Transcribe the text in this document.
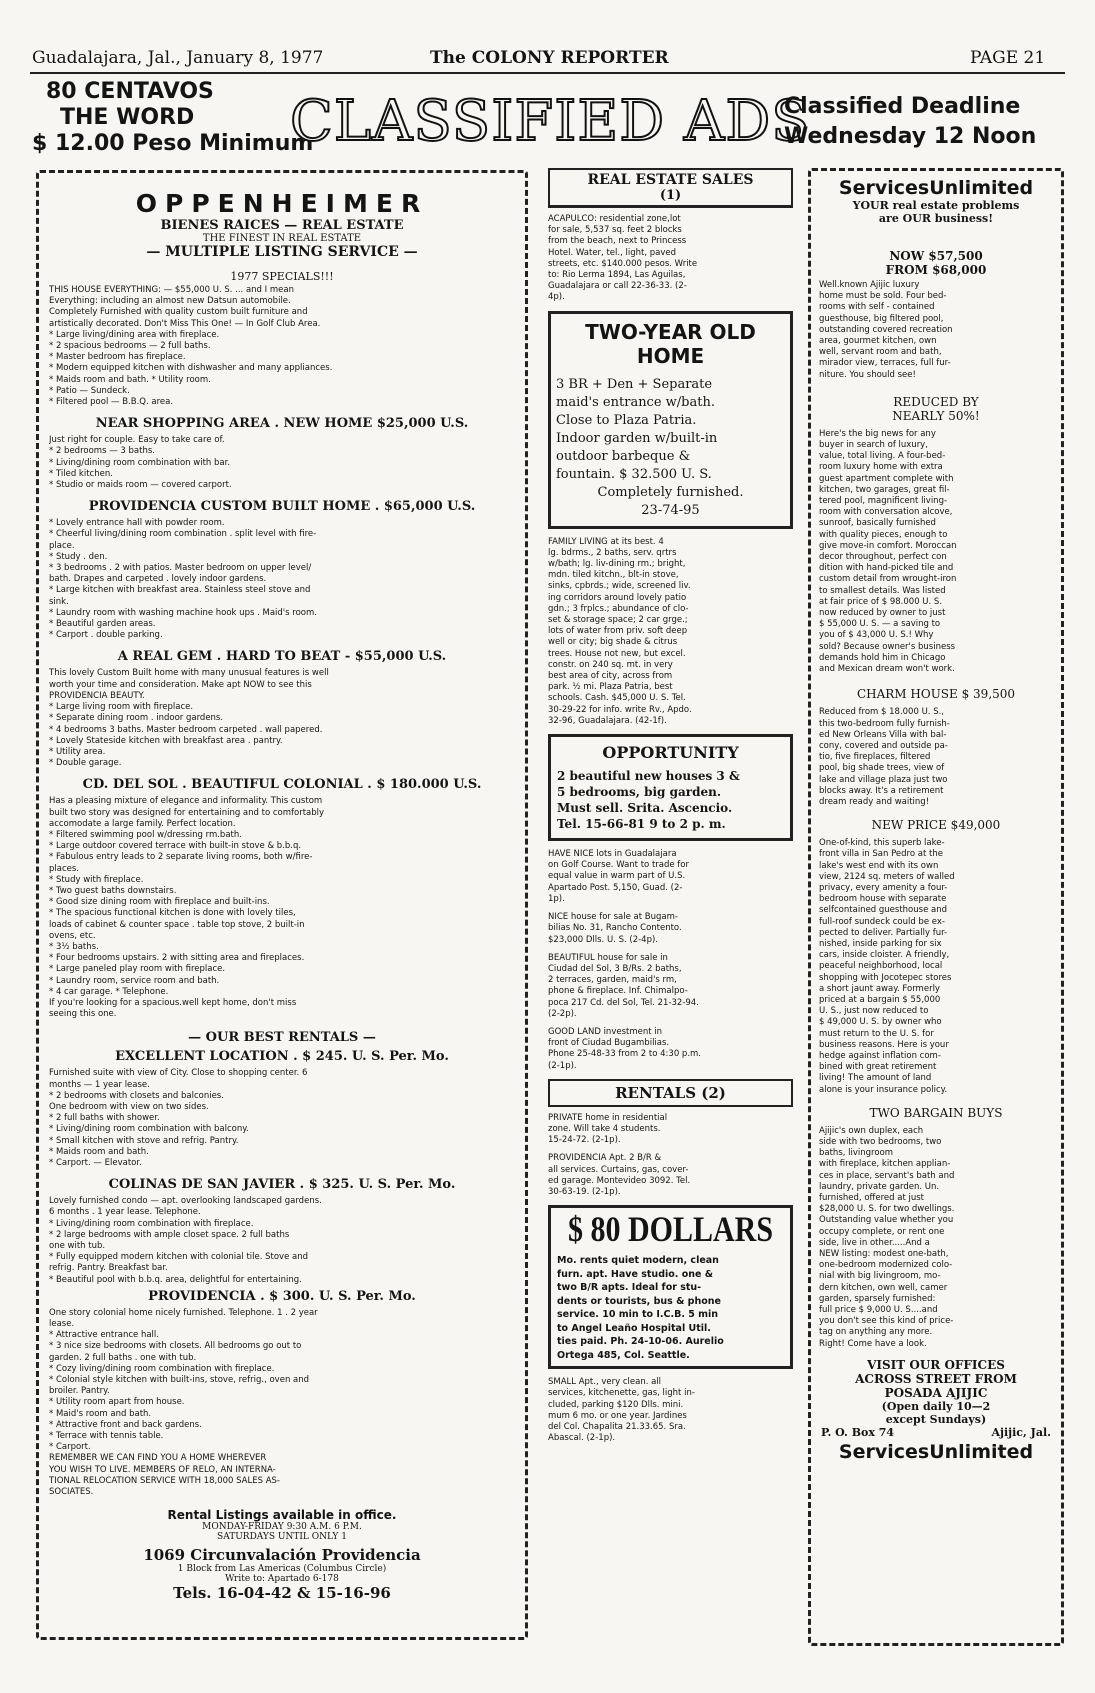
Guadalajara, Jal., January 8, 1977	The COLONY REPORTER	PAGE 21
80 CENTAVOS
THE WORD
$ 12.00 Peso Minimum
CLASSIFIED ADS
Classified Deadline
Wednesday 12 Noon
OPPENHEIMER
BIENES RAICES — REAL ESTATE
THE FINEST IN REAL ESTATE
— MULTIPLE LISTING SERVICE —
1977 SPECIALS!!!
THIS HOUSE EVERYTHING: — $55,000 U. S. ... and I mean
Everything: including an almost new Datsun automobile.
Completely Furnished with quality custom built furniture and
artistically decorated. Don't Miss This One! — In Golf Club Area.
* Large living/dining area with fireplace.
* 2 spacious bedrooms — 2 full baths.
* Master bedroom has fireplace.
* Modern equipped kitchen with dishwasher and many appliances.
* Maids room and bath. * Utility room.
* Patio — Sundeck.
* Filtered pool — B.B.Q. area.
NEAR SHOPPING AREA . NEW HOME $25,000 U.S.
Just right for couple. Easy to take care of.
* 2 bedrooms — 3 baths.
* Living/dining room combination with bar.
* Tiled kitchen.
* Studio or maids room — covered carport.
PROVIDENCIA CUSTOM BUILT HOME . $65,000 U.S.
* Lovely entrance hall with powder room.
* Cheerful living/dining room combination . split level with fire-
place.
* Study . den.
* 3 bedrooms . 2 with patios. Master bedroom on upper level/
bath. Drapes and carpeted . lovely indoor gardens.
* Large kitchen with breakfast area. Stainless steel stove and
sink.
* Laundry room with washing machine hook ups . Maid's room.
* Beautiful garden areas.
* Carport . double parking.
A REAL GEM . HARD TO BEAT - $55,000 U.S.
This lovely Custom Built home with many unusual features is well
worth your time and consideration. Make apt NOW to see this
PROVIDENCIA BEAUTY.
* Large living room with fireplace.
* Separate dining room . indoor gardens.
* 4 bedrooms 3 baths. Master bedroom carpeted . wall papered.
* Lovely Stateside kitchen with breakfast area . pantry.
* Utility area.
* Double garage.
CD. DEL SOL . BEAUTIFUL COLONIAL . $ 180.000 U.S.
Has a pleasing mixture of elegance and informality. This custom
built two story was designed for entertaining and to comfortably
accomodate a large family. Perfect location.
* Filtered swimming pool w/dressing rm.bath.
* Large outdoor covered terrace with built-in stove & b.b.q.
* Fabulous entry leads to 2 separate living rooms, both w/fire-
places.
* Study with fireplace.
* Two guest baths downstairs.
* Good size dining room with fireplace and built-ins.
* The spacious functional kitchen is done with lovely tiles,
loads of cabinet & counter space . table top stove, 2 built-in
ovens, etc.
* 3½ baths.
* Four bedrooms upstairs. 2 with sitting area and fireplaces.
* Large paneled play room with fireplace.
* Laundry room, service room and bath.
* 4 car garage. * Telephone.
If you're looking for a spacious.well kept home, don't miss
seeing this one.
— OUR BEST RENTALS —
EXCELLENT LOCATION . $ 245. U. S. Per. Mo.
Furnished suite with view of City. Close to shopping center. 6
months — 1 year lease.
* 2 bedrooms with closets and balconies.
One bedroom with view on two sides.
* 2 full baths with shower.
* Living/dining room combination with balcony.
* Small kitchen with stove and refrig. Pantry.
* Maids room and bath.
* Carport. — Elevator.
COLINAS DE SAN JAVIER . $ 325. U. S. Per. Mo.
Lovely furnished condo — apt. overlooking landscaped gardens.
6 months . 1 year lease. Telephone.
* Living/dining room combination with fireplace.
* 2 large bedrooms with ample closet space. 2 full baths
one with tub.
* Fully equipped modern kitchen with colonial tile. Stove and
refrig. Pantry. Breakfast bar.
* Beautiful pool with b.b.q. area, delightful for entertaining.
PROVIDENCIA . $ 300. U. S. Per. Mo.
One story colonial home nicely furnished. Telephone. 1 . 2 year
lease.
* Attractive entrance hall.
* 3 nice size bedrooms with closets. All bedrooms go out to
garden. 2 full baths . one with tub.
* Cozy living/dining room combination with fireplace.
* Colonial style kitchen with built-ins, stove, refrig., oven and
broiler. Pantry.
* Utility room apart from house.
* Maid's room and bath.
* Attractive front and back gardens.
* Terrace with tennis table.
* Carport.
REMEMBER WE CAN FIND YOU A HOME WHEREVER
YOU WISH TO LIVE. MEMBERS OF RELO, AN INTERNA-
TIONAL RELOCATION SERVICE WITH 18,000 SALES AS-
SOCIATES.
Rental Listings available in office.
MONDAY-FRIDAY 9:30 A.M. 6 P.M.
SATURDAYS UNTIL ONLY 1
1069 Circunvalación Providencia
1 Block from Las Americas (Columbus Circle)
Write to: Apartado 6-178
Tels. 16-04-42 & 15-16-96
REAL ESTATE SALES
(1)
ACAPULCO: residential zone,lot
for sale, 5,537 sq. feet 2 blocks
from the beach, next to Princess
Hotel. Water, tel., light, paved
streets, etc. $140.000 pesos. Write
to: Rio Lerma 1894, Las Aguilas,
Guadalajara or call 22-36-33. (2-
4p).
TWO-YEAR OLD HOME
3 BR + Den + Separate
maid's entrance w/bath.
Close to Plaza Patria.
Indoor garden w/built-in
outdoor barbeque &
fountain. $ 32.500 U. S.
Completely furnished.
23-74-95
FAMILY LIVING at its best. 4
lg. bdrms., 2 baths, serv. qrtrs
w/bath; lg. liv-dining rm.; bright,
mdn. tiled kitchn., blt-in stove,
sinks, cpbrds.; wide, screened liv.
ing corridors around lovely patio
gdn.; 3 frplcs.; abundance of clo-
set & storage space; 2 car grge.;
lots of water from priv. soft deep
well or city; big shade & citrus
trees. House not new, but excel.
constr. on 240 sq. mt. in very
best area of city, across from
park. ½ mi. Plaza Patria, best
schools. Cash. $45,000 U. S. Tel.
30-29-22 for info. write Rv., Apdo.
32-96, Guadalajara. (42-1f).
OPPORTUNITY
2 beautiful new houses 3 &
5 bedrooms, big garden.
Must sell. Srita. Ascencio.
Tel. 15-66-81 9 to 2 p. m.
HAVE NICE lots in Guadalajara
on Golf Course. Want to trade for
equal value in warm part of U.S.
Apartado Post. 5,150, Guad. (2-
1p).
NICE house for sale at Bugam-
bilias No. 31, Rancho Contento.
$23,000 Dlls. U. S. (2-4p).
BEAUTIFUL house for sale in
Ciudad del Sol, 3 B/Rs. 2 baths,
2 terraces, garden, maid's rm,
phone & fireplace. Inf. Chimalpo-
poca 217 Cd. del Sol, Tel. 21-32-94.
(2-2p).
GOOD LAND investment in
front of Ciudad Bugambilias.
Phone 25-48-33 from 2 to 4:30 p.m.
(2-1p).
RENTALS (2)
PRIVATE home in residential
zone. Will take 4 students.
15-24-72. (2-1p).
PROVIDENCIA Apt. 2 B/R &
all services. Curtains, gas, cover-
ed garage. Montevideo 3092. Tel.
30-63-19. (2-1p).
$ 80 DOLLARS
Mo. rents quiet modern, clean
furn. apt. Have studio. one &
two B/R apts. Ideal for stu-
dents or tourists, bus & phone
service. 10 min to I.C.B. 5 min
to Angel Leaño Hospital Util.
ties paid. Ph. 24-10-06. Aurelio
Ortega 485, Col. Seattle.
SMALL Apt., very clean. all
services, kitchenette, gas, light in-
cluded, parking $120 Dlls. mini.
mum 6 mo. or one year. Jardines
del Col. Chapalita 21.33.65. Sra.
Abascal. (2-1p).
ServicesUnlimited
YOUR real estate problems
are OUR business!
NOW $57,500
FROM $68,000
Well.known Ajijic luxury
home must be sold. Four bed-
rooms with self - contained
guesthouse, big filtered pool,
outstanding covered recreation
area, gourmet kitchen, own
well, servant room and bath,
mirador view, terraces, full fur-
niture. You should see!
REDUCED BY
NEARLY 50%!
Here's the big news for any
buyer in search of luxury,
value, total living. A four-bed-
room luxury home with extra
guest apartment complete with
kitchen, two garages, great fil-
tered pool, magnificent living-
room with conversation alcove,
sunroof, basically furnished
with quality pieces, enough to
give move-in comfort. Moroccan
decor throughout, perfect con
dition with hand-picked tile and
custom detail from wrought-iron
to smallest details. Was listed
at fair price of $ 98.000 U. S.
now reduced by owner to just
$ 55,000 U. S. — a saving to
you of $ 43,000 U. S.! Why
sold? Because owner's business
demands hold him in Chicago
and Mexican dream won't work.
CHARM HOUSE $ 39,500
Reduced from $ 18.000 U. S.,
this two-bedroom fully furnish-
ed New Orleans Villa with bal-
cony, covered and outside pa-
tio, five fireplaces, filtered
pool, big shade trees, view of
lake and village plaza just two
blocks away. It's a retirement
dream ready and waiting!
NEW PRICE $49,000
One-of-kind, this superb lake-
front villa in San Pedro at the
lake's west end with its own
view, 2124 sq. meters of walled
privacy, every amenity a four-
bedroom house with separate
selfcontained guesthouse and
full-roof sundeck could be ex-
pected to deliver. Partially fur-
nished, inside parking for six
cars, inside cloister. A friendly,
peaceful neighborhood, local
shopping with Jocotepec stores
a short jaunt away. Formerly
priced at a bargain $ 55,000
U. S., just now reduced to
$ 49,000 U. S. by owner who
must return to the U. S. for
business reasons. Here is your
hedge against inflation com-
bined with great retirement
living! The amount of land
alone is your insurance policy.
TWO BARGAIN BUYS
Ajijic's own duplex, each
side with two bedrooms, two
baths, livingroom
with fireplace, kitchen applian-
ces in place, servant's bath and
laundry, private garden. Un.
furnished, offered at just
$28,000 U. S. for two dwellings.
Outstanding value whether you
occupy complete, or rent one
side, live in other.....And a
NEW listing: modest one-bath,
one-bedroom modernized colo-
nial with big livingroom, mo-
dern kitchen, own well, camer
garden, sparsely furnished:
full price $ 9,000 U. S....and
you don't see this kind of price-
tag on anything any more.
Right! Come have a look.
VISIT OUR OFFICES
ACROSS STREET FROM
POSADA AJIJIC
(Open daily 10—2
except Sundays)
P. O. Box 74	Ajijic, Jal.
ServicesUnlimited
